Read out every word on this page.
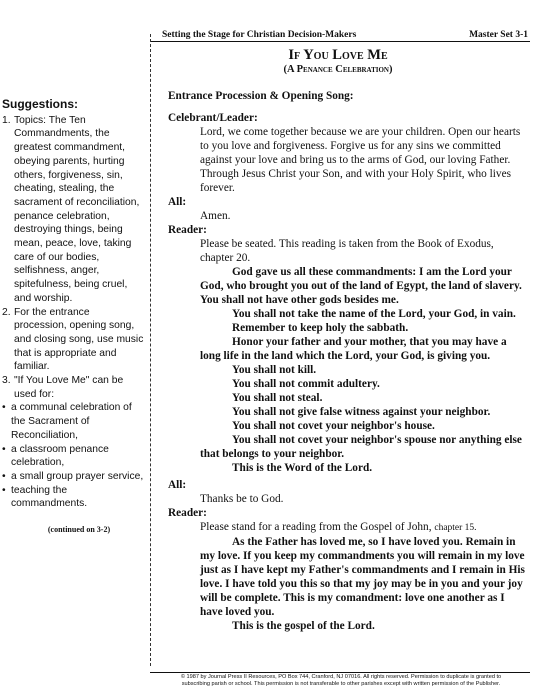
Setting the Stage for Christian Decision-Makers	Master Set 3-1
Suggestions:
1. Topics: The Ten Commandments, the greatest commandment, obeying parents, hurting others, forgiveness, sin, cheating, stealing, the sacrament of reconciliation, penance celebration, destroying things, being mean, peace, love, taking care of our bodies, selfishness, anger, spitefulness, being cruel, and worship.
2. For the entrance procession, opening song, and closing song, use music that is appropriate and familiar.
3. "If You Love Me" can be used for:
• a communal celebration of the Sacrament of Reconciliation,
• a classroom penance celebration,
• a small group prayer service,
• teaching the commandments.
(continued on 3-2)
If You Love Me
(A Penance Celebration)
Entrance Procession & Opening Song:
Celebrant/Leader:

Lord, we come together because we are your children. Open our hearts to you love and forgiveness. Forgive us for any sins we committed against your love and bring us to the arms of God, our loving Father. Through Jesus Christ your Son, and with your Holy Spirit, who lives forever.

All:

Amen.

Reader:

Please be seated. This reading is taken from the Book of Exodus, chapter 20.

God gave us all these commandments: I am the Lord your God, who brought you out of the land of Egypt, the land of slavery. You shall not have other gods besides me.

You shall not take the name of the Lord, your God, in vain.

Remember to keep holy the sabbath.

Honor your father and your mother, that you may have a long life in the land which the Lord, your God, is giving you.

You shall not kill.

You shall not commit adultery.

You shall not steal.

You shall not give false witness against your neighbor.

You shall not covet your neighbor's house.

You shall not covet your neighbor's spouse nor anything else that belongs to your neighbor.

This is the Word of the Lord.

All:

Thanks be to God.

Reader:

Please stand for a reading from the Gospel of John, chapter 15.

As the Father has loved me, so I have loved you. Remain in my love. If you keep my commandments you will remain in my love just as I have kept my Father's commandments and I remain in His love. I have told you this so that my joy may be in you and your joy will be complete. This is my comandment: love one another as I have loved you.

This is the gospel of the Lord.

© 1987 by Journal Press II Resources, PO Box 744, Cranford, NJ 07016. All rights reserved. Permission to duplicate is granted to
subscribing parish or school. This permission is not transferable to other parishes except with written permission of the Publisher.
